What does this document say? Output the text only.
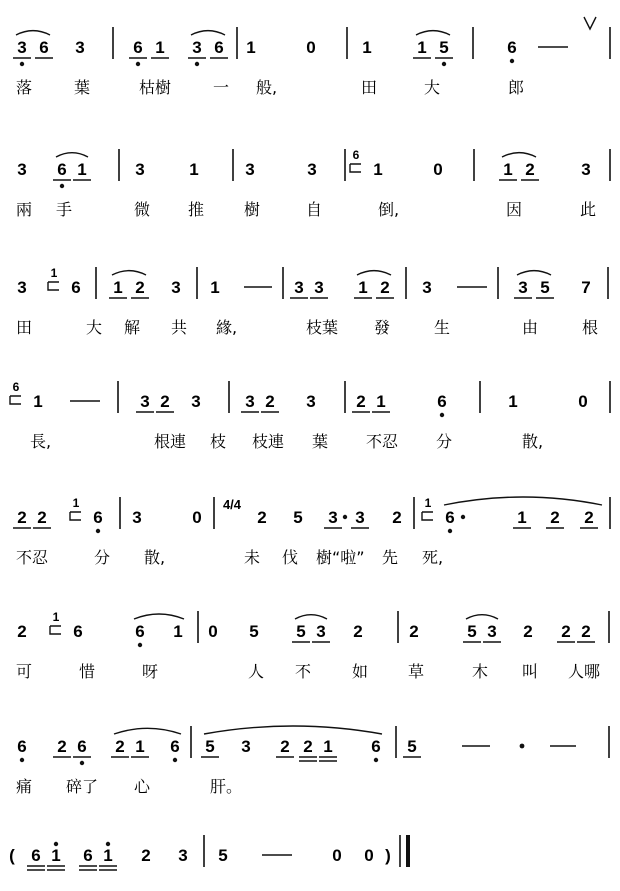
3 6 3	6 1 3 6 1	0	1	1 5	6
落	葉	枯樹	一 般,	田	大	郎
3 6 1	3	1	3	3	1
6
0	1 2	3
兩 手	微 推 樹	自	倒,	因	此
3	6
1
1 2 3 1	3 3 1 2 3	3 5 7
田	大 解 共 緣,	枝葉 發	生	由	根
1
6
3 2 3	3 2 3 2 1	6	1	0
長,	根連 枝 枝連 葉 不忍 分	散,
2 2	6
1
3	0
4/4
2 5 3 3 2	6
1
1 2 2
不忍	分 散,	未 伐 樹“啦” 先 死,
2	6
1
6 1 0 5 5 3 2	2	5 3 2 2 2
可	惜	呀	人 不	如 草	木 叫 人哪
6 2 6 2 1 6 5 3 2 2 1 6 5
痛 碎了 心	肝。
( 6 1 6 1 2 3 5	0 0 )
